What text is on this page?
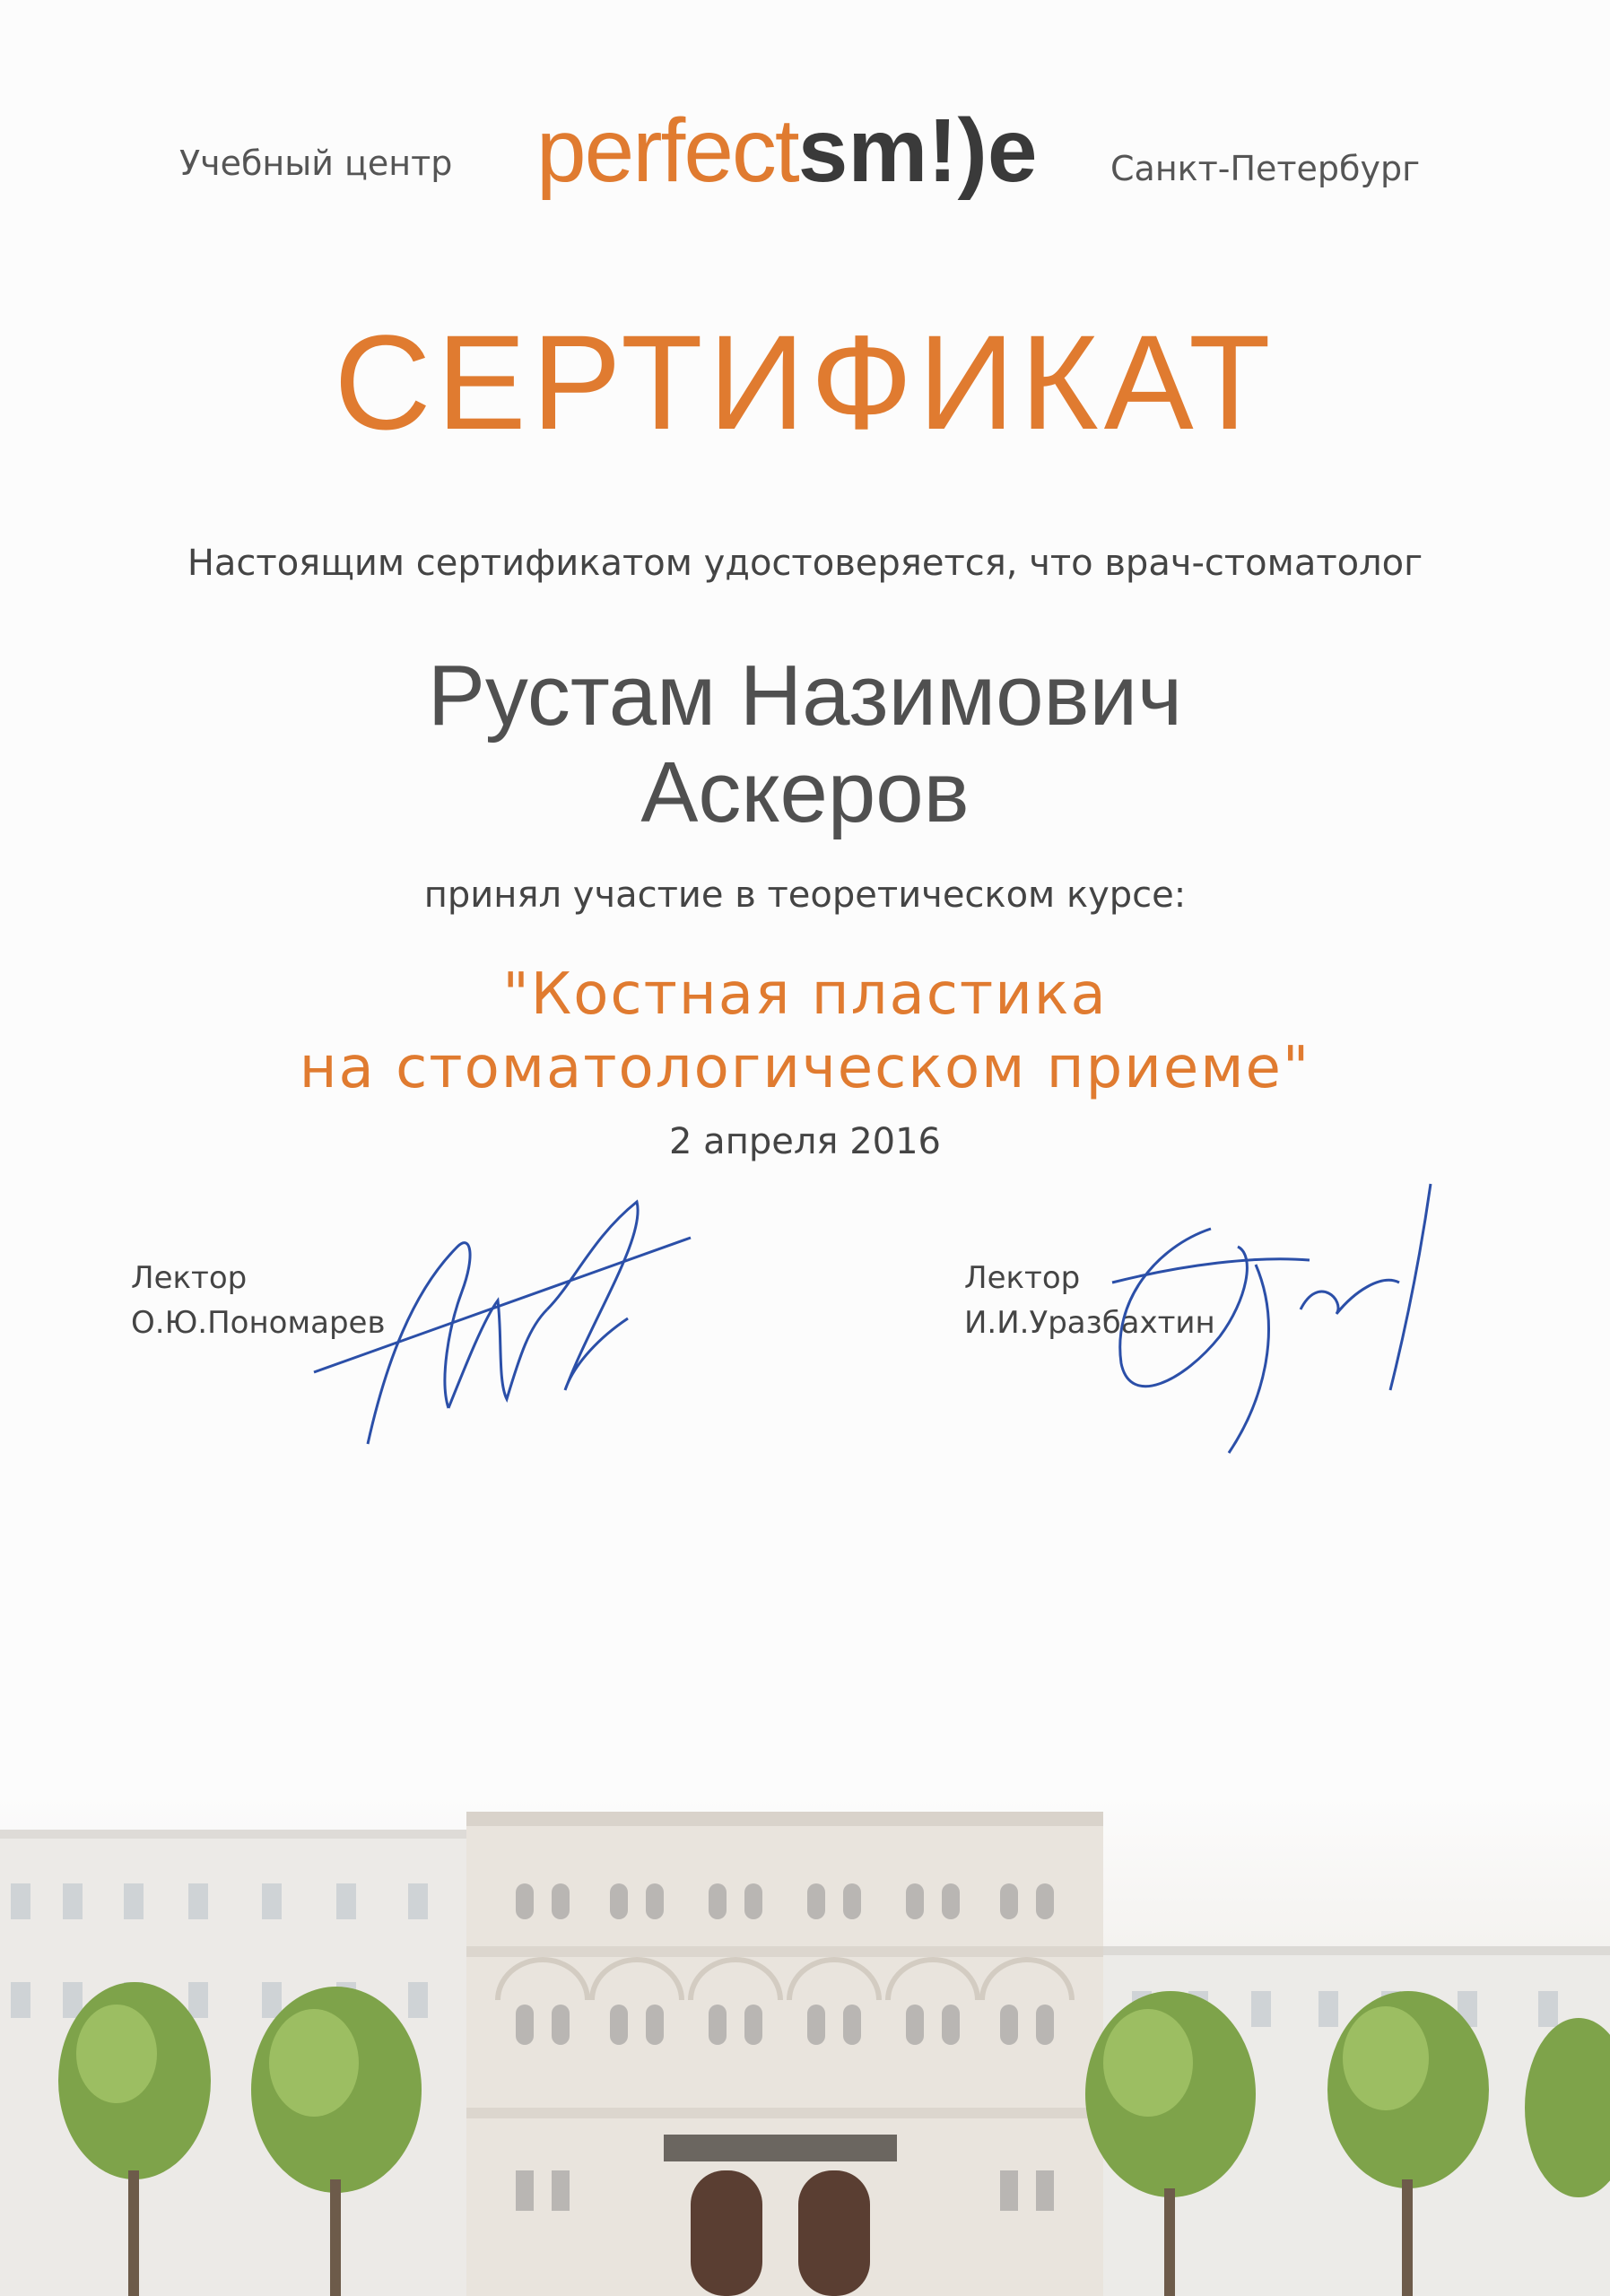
Учебный центр perfectsm!)e Санкт-Петербург
СЕРТИФИКАТ
Настоящим сертификатом удостоверяется, что врач-стоматолог
Рустам Назимович
Аскеров
принял участие в теоретическом курсе:
"Костная пластика
на стоматологическом приеме"
2 апреля 2016
Лектор
О.Ю.Пономарев
Лектор
И.И.Уразбахтин
